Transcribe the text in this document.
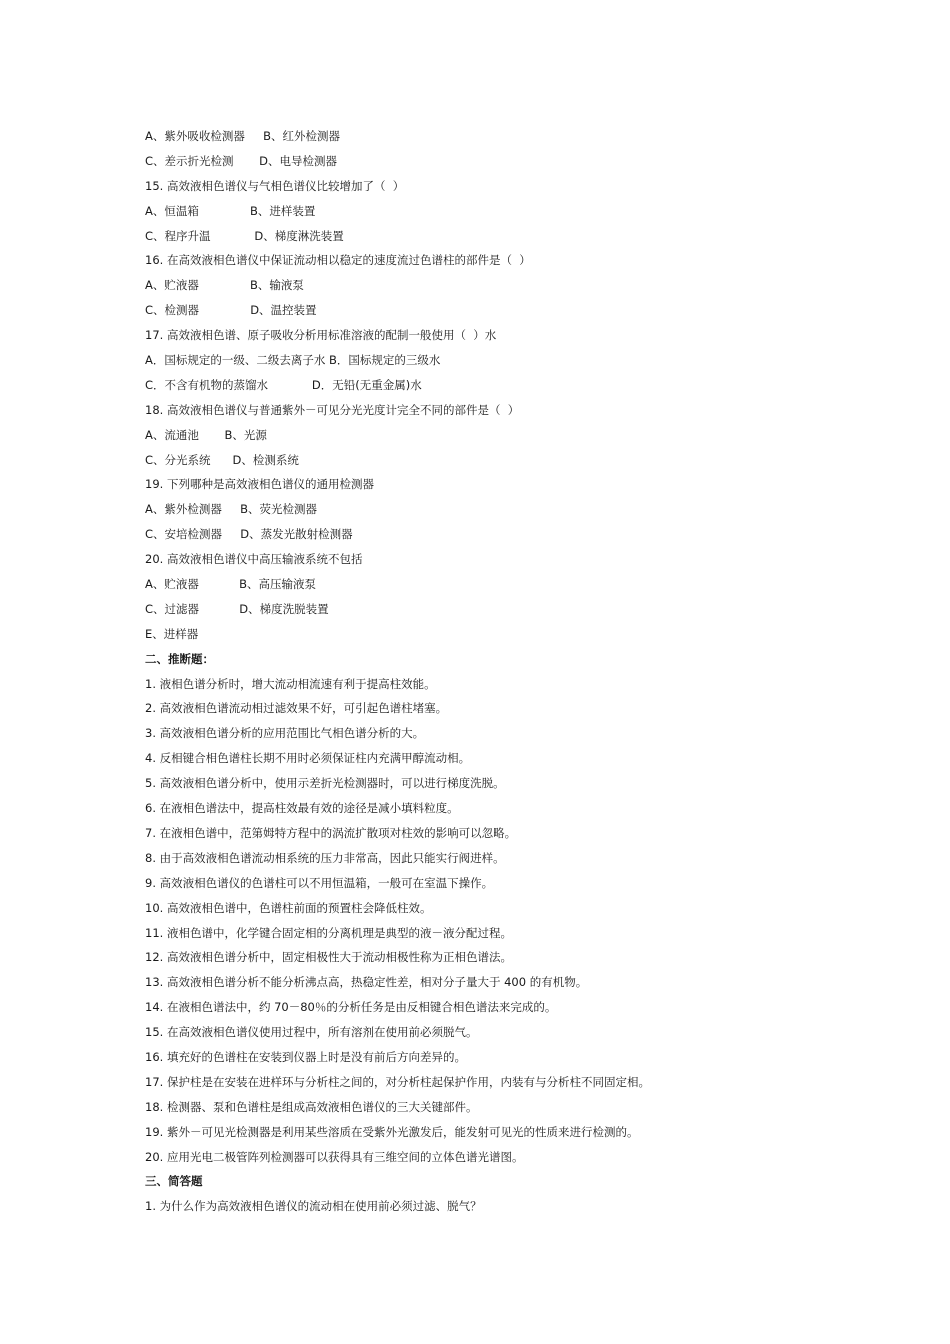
A、紫外吸收检测器     B、红外检测器
C、差示折光检测       D、电导检测器
15. 高效液相色谱仪与气相色谱仪比较增加了（  ）
A、恒温箱              B、进样装置
C、程序升温            D、梯度淋洗装置
16. 在高效液相色谱仪中保证流动相以稳定的速度流过色谱柱的部件是（  ）
A、贮液器              B、输液泵
C、检测器              D、温控装置
17. 高效液相色谱、原子吸收分析用标准溶液的配制一般使用（  ）水
A．国标规定的一级、二级去离子水 B．国标规定的三级水
C．不含有机物的蒸馏水            D．无铅(无重金属)水
18. 高效液相色谱仪与普通紫外－可见分光光度计完全不同的部件是（  ）
A、流通池       B、光源
C、分光系统      D、检测系统
19. 下列哪种是高效液相色谱仪的通用检测器
A、紫外检测器     B、荧光检测器
C、安培检测器     D、蒸发光散射检测器
20. 高效液相色谱仪中高压输液系统不包括
A、贮液器           B、高压输液泵
C、过滤器           D、梯度洗脱装置
E、进样器
二、推断题：
1. 液相色谱分析时，增大流动相流速有利于提高柱效能。
2. 高效液相色谱流动相过滤效果不好，可引起色谱柱堵塞。
3. 高效液相色谱分析的应用范围比气相色谱分析的大。
4. 反相键合相色谱柱长期不用时必须保证柱内充满甲醇流动相。
5. 高效液相色谱分析中，使用示差折光检测器时，可以进行梯度洗脱。
6. 在液相色谱法中，提高柱效最有效的途径是减小填料粒度。
7. 在液相色谱中，范第姆特方程中的涡流扩散项对柱效的影响可以忽略。
8. 由于高效液相色谱流动相系统的压力非常高，因此只能实行阀进样。
9. 高效液相色谱仪的色谱柱可以不用恒温箱，一般可在室温下操作。
10. 高效液相色谱中，色谱柱前面的预置柱会降低柱效。
11. 液相色谱中，化学键合固定相的分离机理是典型的液－液分配过程。
12. 高效液相色谱分析中，固定相极性大于流动相极性称为正相色谱法。
13. 高效液相色谱分析不能分析沸点高，热稳定性差，相对分子量大于 400 的有机物。
14. 在液相色谱法中，约 70－80％的分析任务是由反相键合相色谱法来完成的。
15. 在高效液相色谱仪使用过程中，所有溶剂在使用前必须脱气。
16. 填充好的色谱柱在安装到仪器上时是没有前后方向差异的。
17. 保护柱是在安装在进样环与分析柱之间的，对分析柱起保护作用，内装有与分析柱不同固定相。
18. 检测器、泵和色谱柱是组成高效液相色谱仪的三大关键部件。
19. 紫外－可见光检测器是利用某些溶质在受紫外光激发后，能发射可见光的性质来进行检测的。
20. 应用光电二极管阵列检测器可以获得具有三维空间的立体色谱光谱图。
三、简答题
1. 为什么作为高效液相色谱仪的流动相在使用前必须过滤、脱气？
